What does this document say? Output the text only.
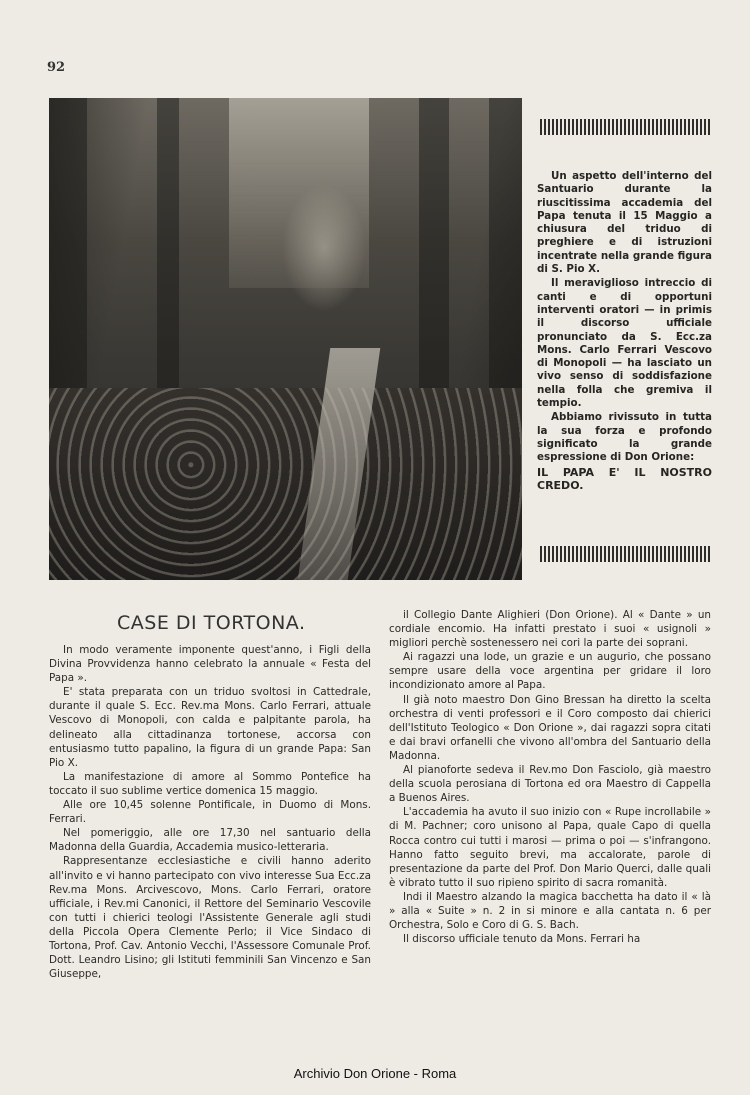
92

Un aspetto dell'interno del Santuario durante la riuscitissima accademia del Papa tenuta il 15 Maggio a chiusura del triduo di preghiere e di istruzioni incentrate nella grande figura di S. Pio X.

Il meraviglioso intreccio di canti e di opportuni interventi oratori — in primis il discorso ufficiale pronunciato da S. Ecc.za Mons. Carlo Ferrari Vescovo di Monopoli — ha lasciato un vivo senso di soddisfazione nella folla che gremiva il tempio.

Abbiamo rivissuto in tutta la sua forza e profondo significato la grande espressione di Don Orione:

IL PAPA E' IL NOSTRO CREDO.

CASE DI TORTONA.

In modo veramente imponente quest'anno, i Figli della Divina Provvidenza hanno celebrato la annuale « Festa del Papa ».

E' stata preparata con un triduo svoltosi in Cattedrale, durante il quale S. Ecc. Rev.ma Mons. Carlo Ferrari, attuale Vescovo di Monopoli, con calda e palpitante parola, ha delineato alla cittadinanza tortonese, accorsa con entusiasmo tutto papalino, la figura di un grande Papa: San Pio X.

La manifestazione di amore al Sommo Pontefice ha toccato il suo sublime vertice domenica 15 maggio.

Alle ore 10,45 solenne Pontificale, in Duomo di Mons. Ferrari.

Nel pomeriggio, alle ore 17,30 nel santuario della Madonna della Guardia, Accademia musico-letteraria.

Rappresentanze ecclesiastiche e civili hanno aderito all'invito e vi hanno partecipato con vivo interesse Sua Ecc.za Rev.ma Mons. Arcivescovo, Mons. Carlo Ferrari, oratore ufficiale, i Rev.mi Canonici, il Rettore del Seminario Vescovile con tutti i chierici teologi l'Assistente Generale agli studi della Piccola Opera Clemente Perlo; il Vice Sindaco di Tortona, Prof. Cav. Antonio Vecchi, l'Assessore Comunale Prof. Dott. Leandro Lisino; gli Istituti femminili San Vincenzo e San Giuseppe,

il Collegio Dante Alighieri (Don Orione). Al « Dante » un cordiale encomio. Ha infatti prestato i suoi « usignoli » migliori perchè sostenessero nei cori la parte dei soprani.

Ai ragazzi una lode, un grazie e un augurio, che possano sempre usare della voce argentina per gridare il loro incondizionato amore al Papa.

Il già noto maestro Don Gino Bressan ha diretto la scelta orchestra di venti professori e il Coro composto dai chierici dell'Istituto Teologico « Don Orione », dai ragazzi sopra citati e dai bravi orfanelli che vivono all'ombra del Santuario della Madonna.

Al pianoforte sedeva il Rev.mo Don Fasciolo, già maestro della scuola perosiana di Tortona ed ora Maestro di Cappella a Buenos Aires.

L'accademia ha avuto il suo inizio con « Rupe incrollabile » di M. Pachner; coro unisono al Papa, quale Capo di quella Rocca contro cui tutti i marosi — prima o poi — s'infrangono. Hanno fatto seguito brevi, ma accalorate, parole di presentazione da parte del Prof. Don Mario Querci, dalle quali è vibrato tutto il suo ripieno spirito di sacra romanità.

Indi il Maestro alzando la magica bacchetta ha dato il « là » alla « Suite » n. 2 in si minore e alla cantata n. 6 per Orchestra, Solo e Coro di G. S. Bach.

Il discorso ufficiale tenuto da Mons. Ferrari ha

Archivio Don Orione - Roma
